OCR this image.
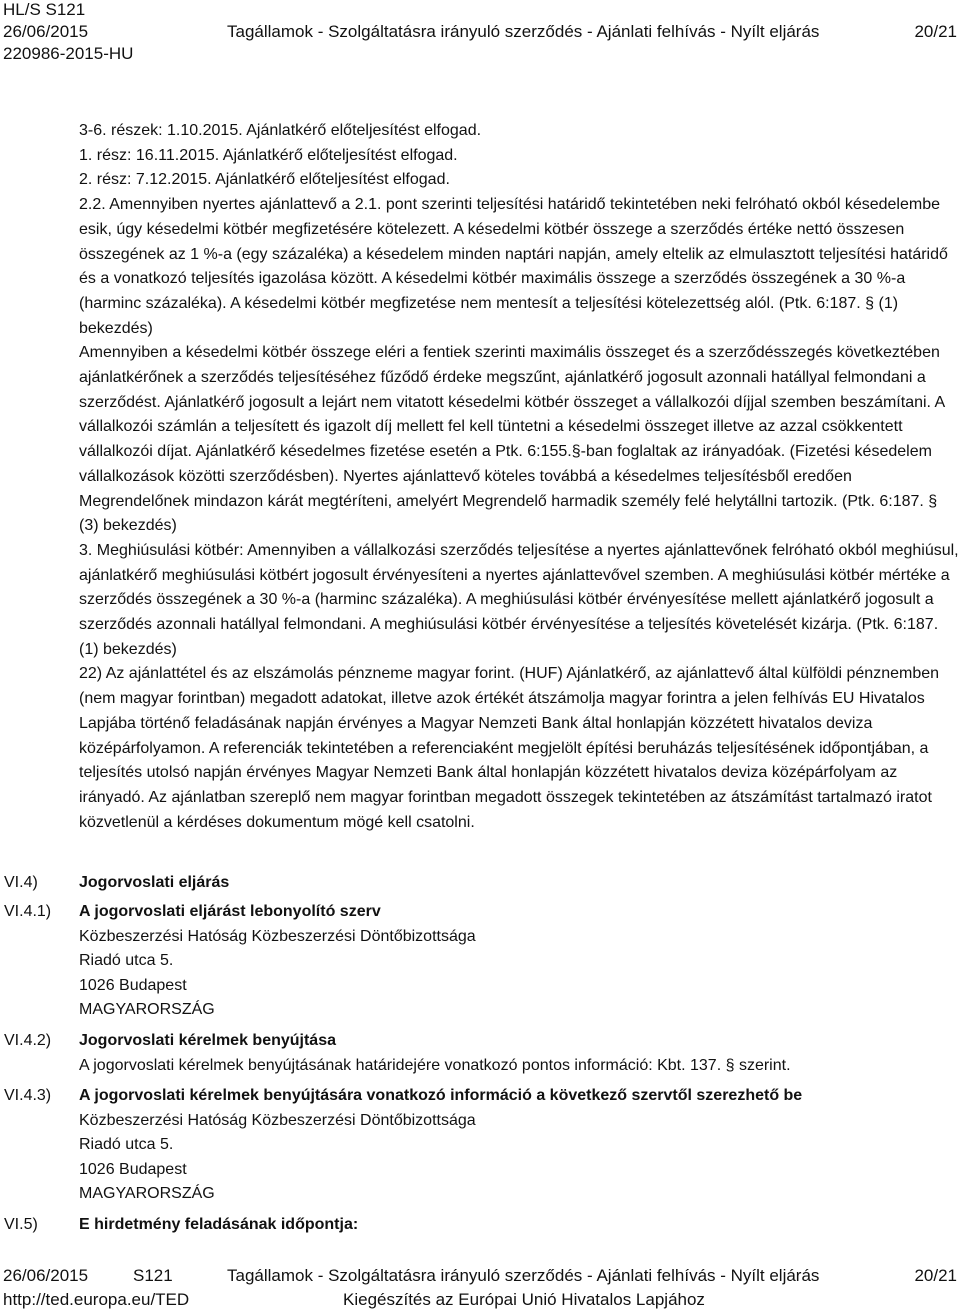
HL/S S121
26/06/2015	Tagállamok - Szolgáltatásra irányuló szerződés - Ajánlati felhívás - Nyílt eljárás	20/21
220986-2015-HU

3-6. részek: 1.10.2015. Ajánlatkérő előteljesítést elfogad.

1. rész: 16.11.2015. Ajánlatkérő előteljesítést elfogad.

2. rész: 7.12.2015. Ajánlatkérő előteljesítést elfogad.

2.2. Amennyiben nyertes ajánlattevő a 2.1. pont szerinti teljesítési határidő tekintetében neki felróható okból késedelembe esik, úgy késedelmi kötbér megfizetésére kötelezett. A késedelmi kötbér összege a szerződés értéke nettó összesen összegének az 1 %-a (egy százaléka) a késedelem minden naptári napján, amely eltelik az elmulasztott teljesítési határidő és a vonatkozó teljesítés igazolása között. A késedelmi kötbér maximális összege a szerződés összegének a 30 %-a (harminc százaléka). A késedelmi kötbér megfizetése nem mentesít a teljesítési kötelezettség alól. (Ptk. 6:187. § (1) bekezdés)

Amennyiben a késedelmi kötbér összege eléri a fentiek szerinti maximális összeget és a szerződésszegés következtében ajánlatkérőnek a szerződés teljesítéséhez fűződő érdeke megszűnt, ajánlatkérő jogosult azonnali hatállyal felmondani a szerződést. Ajánlatkérő jogosult a lejárt nem vitatott késedelmi kötbér összeget a vállalkozói díjjal szemben beszámítani. A vállalkozói számlán a teljesített és igazolt díj mellett fel kell tüntetni a késedelmi összeget illetve az azzal csökkentett vállalkozói díjat. Ajánlatkérő késedelmes fizetése esetén a Ptk. 6:155.§-ban foglaltak az irányadóak. (Fizetési késedelem vállalkozások közötti szerződésben). Nyertes ajánlattevő köteles továbbá a késedelmes teljesítésből eredően Megrendelőnek mindazon kárát megtéríteni, amelyért Megrendelő harmadik személy felé helytállni tartozik. (Ptk. 6:187. § (3) bekezdés)

3. Meghiúsulási kötbér: Amennyiben a vállalkozási szerződés teljesítése a nyertes ajánlattevőnek felróható okból meghiúsul, ajánlatkérő meghiúsulási kötbért jogosult érvényesíteni a nyertes ajánlattevővel szemben. A meghiúsulási kötbér mértéke a szerződés összegének a 30 %-a (harminc százaléka). A meghiúsulási kötbér érvényesítése mellett ajánlatkérő jogosult a szerződés azonnali hatállyal felmondani. A meghiúsulási kötbér érvényesítése a teljesítés követelését kizárja. (Ptk. 6:187. (1) bekezdés)

22) Az ajánlattétel és az elszámolás pénzneme magyar forint. (HUF) Ajánlatkérő, az ajánlattevő által külföldi pénznemben (nem magyar forintban) megadott adatokat, illetve azok értékét átszámolja magyar forintra a jelen felhívás EU Hivatalos Lapjába történő feladásának napján érvényes a Magyar Nemzeti Bank által honlapján közzétett hivatalos deviza középárfolyamon. A referenciák tekintetében a referenciaként megjelölt építési beruházás teljesítésének időpontjában, a teljesítés utolsó napján érvényes Magyar Nemzeti Bank által honlapján közzétett hivatalos deviza középárfolyam az irányadó. Az ajánlatban szereplő nem magyar forintban megadott összegek tekintetében az átszámítást tartalmazó iratot közvetlenül a kérdéses dokumentum mögé kell csatolni.

VI.4)	Jogorvoslati eljárás

VI.4.1) A jogorvoslati eljárást lebonyolító szerv

Közbeszerzési Hatóság Közbeszerzési Döntőbizottsága

Riadó utca 5.

1026 Budapest

MAGYARORSZÁG

VI.4.2) Jogorvoslati kérelmek benyújtása

A jogorvoslati kérelmek benyújtásának határidejére vonatkozó pontos információ: Kbt. 137. § szerint.

VI.4.3) A jogorvoslati kérelmek benyújtására vonatkozó információ a következő szervtől szerezhető be

Közbeszerzési Hatóság Közbeszerzési Döntőbizottsága

Riadó utca 5.

1026 Budapest

MAGYARORSZÁG

VI.5)	E hirdetmény feladásának időpontja:

26/06/2015	S121	Tagállamok - Szolgáltatásra irányuló szerződés - Ajánlati felhívás - Nyílt eljárás	20/21
http://ted.europa.eu/TED	Kiegészítés az Európai Unió Hivatalos Lapjához
